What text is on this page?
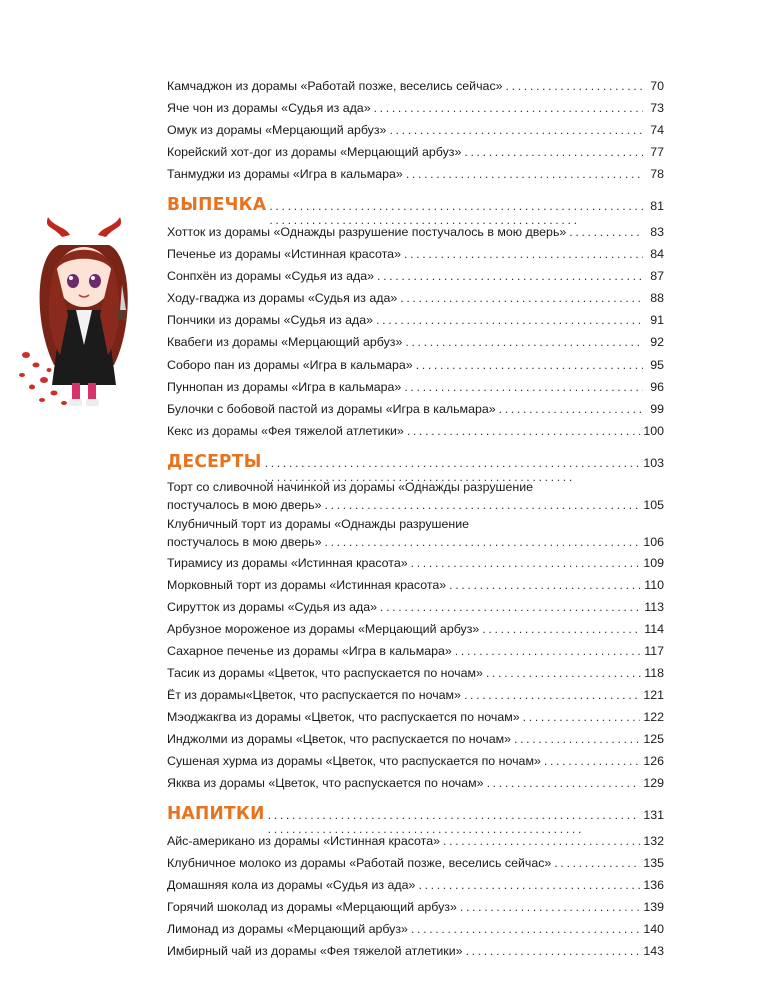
Камчаджон из дорамы «Работай позже, веселись сейчас» . . .	70
Яче чон из дорамы «Судья из ада» . . .	73
Омук из дорамы «Мерцающий арбуз» . . .	74
Корейский хот-дог из дорамы «Мерцающий арбуз» . . .	77
Танмуджи из дорамы «Игра в кальмара» . . .	78
ВЫПЕЧКА . . .	81
Хотток из дорамы «Однажды разрушение постучалось в мою дверь» . . .	83
Печенье из дорамы «Истинная красота» . . .	84
Сонпхён из дорамы «Судья из ада» . . .	87
Ходу-гваджа из дорамы «Судья из ада» . . .	88
Пончики из дорамы «Судья из ада» . . .	91
Квабеги из дорамы «Мерцающий арбуз» . . .	92
Соборо пан из дорамы «Игра в кальмара» . . .	95
Пуннопан из дорамы «Игра в кальмара» . . .	96
Булочки с бобовой пастой из дорамы «Игра в кальмара» . . .	99
Кекс из дорамы «Фея тяжелой атлетики» . . .	100
ДЕСЕРТЫ . . .	103
Торт со сливочной начинкой из дорамы «Однажды разрушение
постучалось в мою дверь» . . .	105
Клубничный торт из дорамы «Однажды разрушение
постучалось в мою дверь» . . .	106
Тирамису из дорамы «Истинная красота» . . .	109
Морковный торт из дорамы «Истинная красота» . . .	110
Сирутток из дорамы «Судья из ада» . . .	113
Арбузное мороженое из дорамы «Мерцающий арбуз» . . .	114
Сахарное печенье из дорамы «Игра в кальмара» . . .	117
Тасик из дорамы «Цветок, что распускается по ночам» . . .	118
Ёт из дорамы«Цветок, что распускается по ночам» . . .	121
Мэоджакгва из дорамы «Цветок, что распускается по ночам» . . .	122
Инджолми из дорамы «Цветок, что распускается по ночам» . . .	125
Сушеная хурма из дорамы «Цветок, что распускается по ночам» . . .	126
Якква из дорамы «Цветок, что распускается по ночам» . . .	129
НАПИТКИ . . .	131
Айс-американо из дорамы «Истинная красота» . . .	132
Клубничное молоко из дорамы «Работай позже, веселись сейчас» . . .	135
Домашняя кола из дорамы «Судья из ада» . . .	136
Горячий шоколад из дорамы «Мерцающий арбуз» . . .	139
Лимонад из дорамы «Мерцающий арбуз» . . .	140
Имбирный чай из дорамы «Фея тяжелой атлетики» . . .	143
